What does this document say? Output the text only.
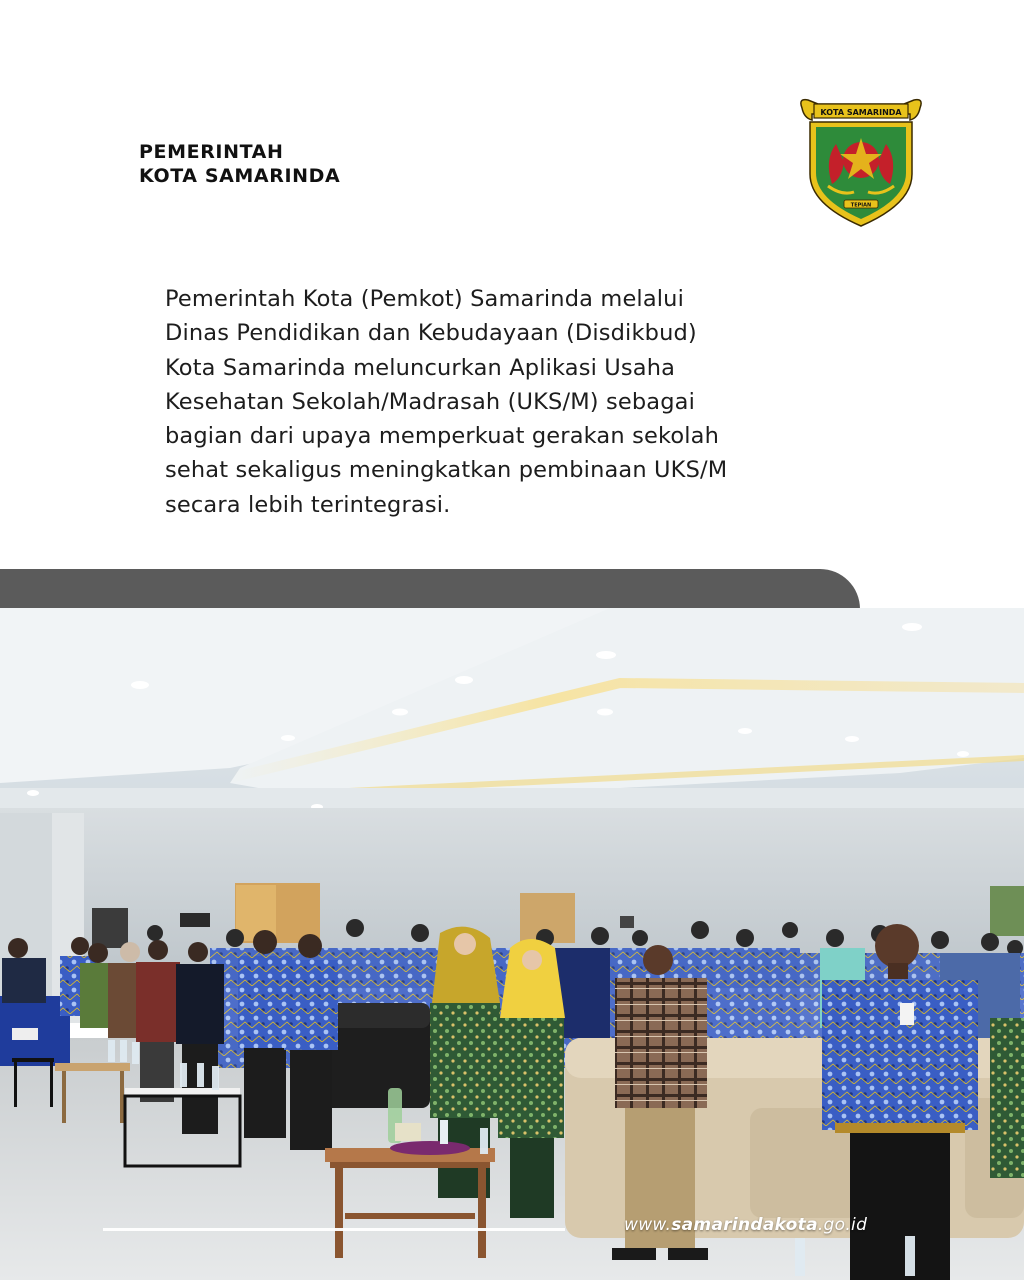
PEMERINTAH
KOTA SAMARINDA
KOTA SAMARINDA
TEPIAN
Pemerintah Kota (Pemkot) Samarinda melalui
Dinas Pendidikan dan Kebudayaan (Disdikbud)
Kota Samarinda meluncurkan Aplikasi Usaha
Kesehatan Sekolah/Madrasah (UKS/M) sebagai
bagian dari upaya memperkuat gerakan sekolah
sehat sekaligus meningkatkan pembinaan UKS/M
secara lebih terintegrasi.
www.samarindakota.go.id
